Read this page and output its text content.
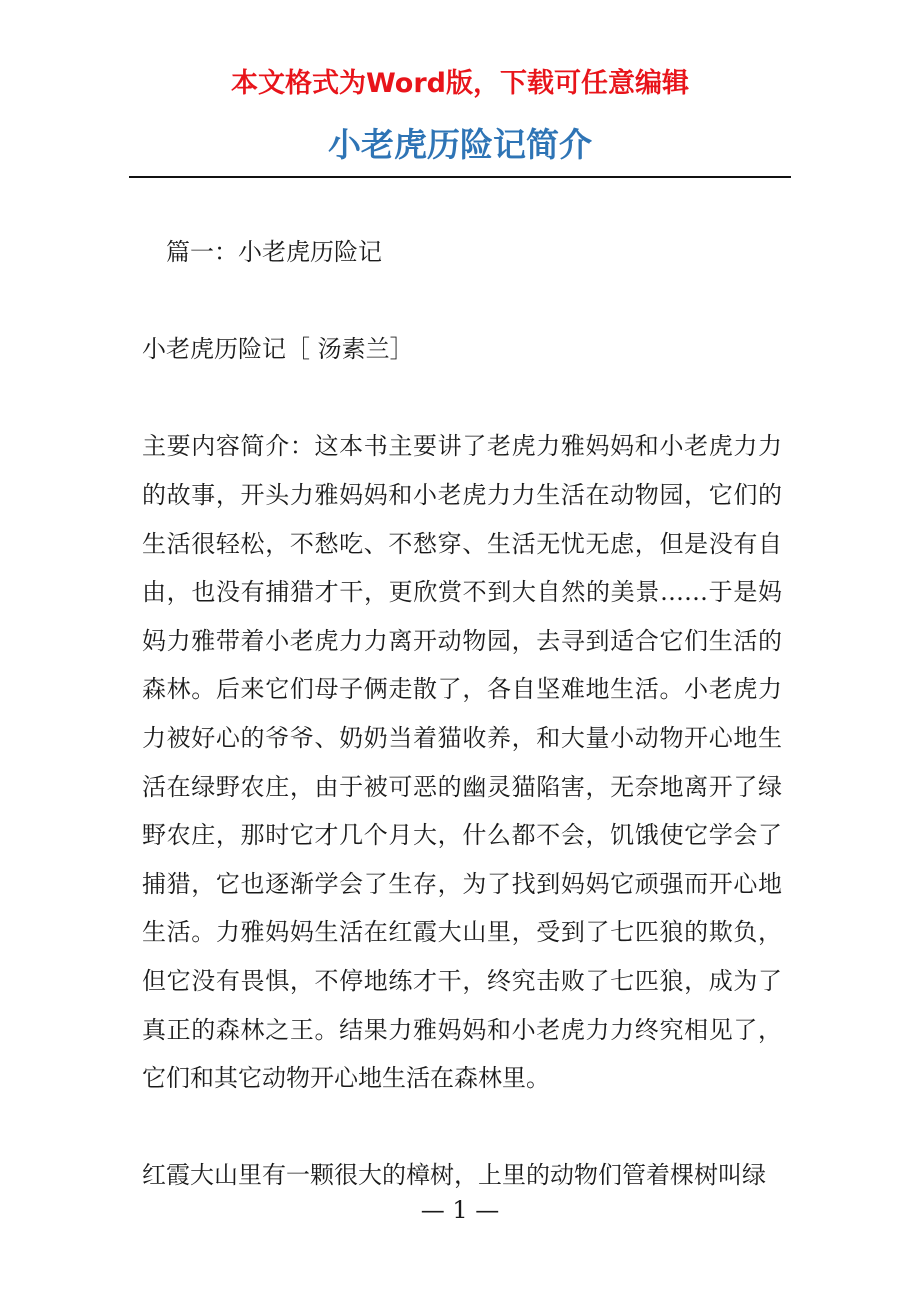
本文格式为Word版，下载可任意编辑
小老虎历险记简介

篇一：小老虎历险记

小老虎历险记［ 汤素兰］

主要内容简介：这本书主要讲了老虎力雅妈妈和小老虎力力的故事，开头力雅妈妈和小老虎力力生活在动物园，它们的生活很轻松，不愁吃、不愁穿、生活无忧无虑，但是没有自由，也没有捕猎才干，更欣赏不到大自然的美景……于是妈妈力雅带着小老虎力力离开动物园，去寻到适合它们生活的森林。后来它们母子俩走散了，各自坚难地生活。小老虎力力被好心的爷爷、奶奶当着猫收养，和大量小动物开心地生活在绿野农庄，由于被可恶的幽灵猫陷害，无奈地离开了绿野农庄，那时它才几个月大，什么都不会，饥饿使它学会了捕猎，它也逐渐学会了生存，为了找到妈妈它顽强而开心地生活。力雅妈妈生活在红霞大山里，受到了七匹狼的欺负，但它没有畏惧，不停地练才干，终究击败了七匹狼，成为了真正的森林之王。结果力雅妈妈和小老虎力力终究相见了，它们和其它动物开心地生活在森林里。

红霞大山里有一颗很大的樟树，上里的动物们管着棵树叫绿

— 1 —
